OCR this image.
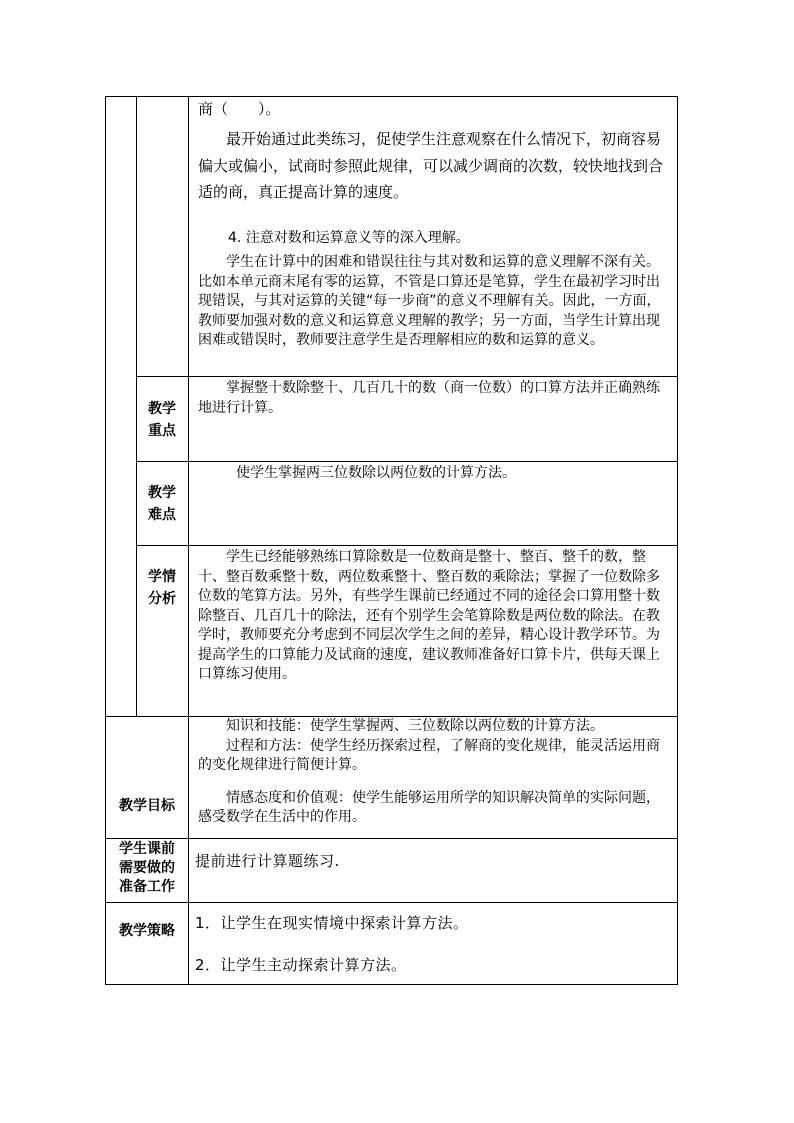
商（　　）。

最开始通过此类练习，促使学生注意观察在什么情况下，初商容易偏大或偏小，试商时参照此规律，可以减少调商的次数，较快地找到合适的商，真正提高计算的速度。

4. 注意对数和运算意义等的深入理解。

学生在计算中的困难和错误往往与其对数和运算的意义理解不深有关。比如本单元商末尾有零的运算，不管是口算还是笔算，学生在最初学习时出现错误，与其对运算的关键“每一步商”的意义不理解有关。因此，一方面，教师要加强对数的意义和运算意义理解的教学；另一方面，当学生计算出现困难或错误时，教师要注意学生是否理解相应的数和运算的意义。

教学
重点

掌握整十数除整十、几百几十的数（商一位数）的口算方法并正确熟练地进行计算。

教学
难点

使学生掌握两三位数除以两位数的计算方法。

学情
分析

学生已经能够熟练口算除数是一位数商是整十、整百、整千的数，整十、整百数乘整十数，两位数乘整十、整百数的乘除法；掌握了一位数除多位数的笔算方法。另外，有些学生课前已经通过不同的途径会口算用整十数除整百、几百几十的除法，还有个别学生会笔算除数是两位数的除法。在教学时，教师要充分考虑到不同层次学生之间的差异，精心设计教学环节。为提高学生的口算能力及试商的速度，建议教师准备好口算卡片，供每天课上口算练习使用。

教学目标

知识和技能：使学生掌握两、三位数除以两位数的计算方法。

过程和方法：使学生经历探索过程，了解商的变化规律，能灵活运用商的变化规律进行简便计算。

情感态度和价值观：使学生能够运用所学的知识解决简单的实际问题，感受数学在生活中的作用。

学生课前
需要做的
准备工作
提前进行计算题练习.
教学策略	1．让学生在现实情境中探索计算方法。
2．让学生主动探索计算方法。
